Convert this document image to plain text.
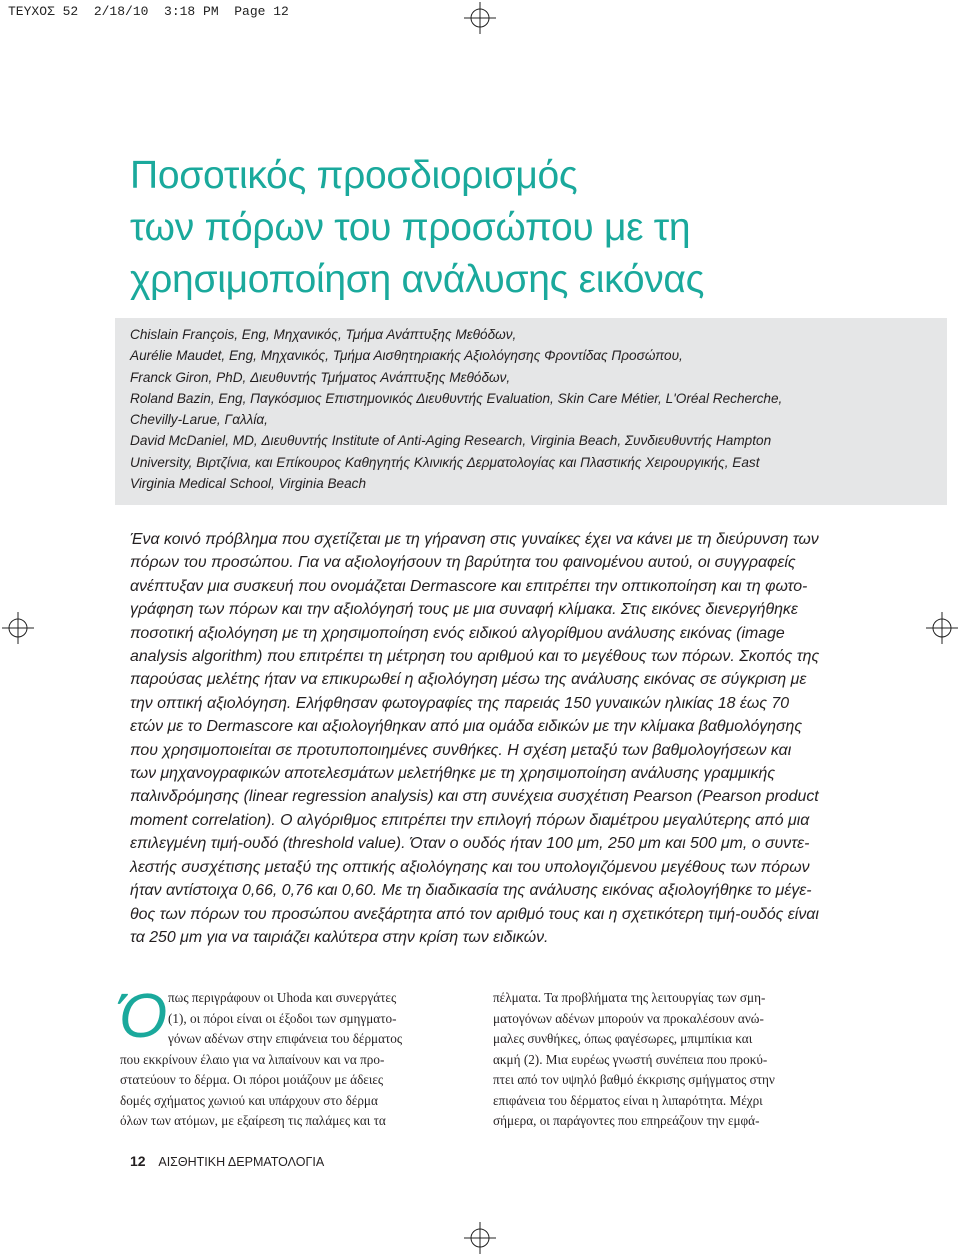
ΤΕΥΧΟΣ 52  2/18/10  3:18 PM  Page 12
Ποσοτικός προσδιορισμός
των πόρων του προσώπου με τη
χρησιμοποίηση ανάλυσης εικόνας
Chislain François, Eng, Μηχανικός, Τμήμα Ανάπτυξης Μεθόδων,
Aurélie Maudet, Eng, Μηχανικός, Τμήμα Αισθητηριακής Αξιολόγησης Φροντίδας Προσώπου,
Franck Giron, PhD, Διευθυντής Τμήματος Ανάπτυξης Μεθόδων,
Roland Bazin, Eng, Παγκόσμιος Επιστημονικός Διευθυντής Evaluation, Skin Care Métier, L'Oréal Recherche,
Chevilly-Larue, Γαλλία,
David McDaniel, MD, Διευθυντής Institute of Anti-Aging Research, Virginia Beach, Συνδιευθυντής Hampton
University, Βιρτζίνια, και Επίκουρος Καθηγητής Κλινικής Δερματολογίας και Πλαστικής Χειρουργικής, East
Virginia Medical School, Virginia Beach
Ένα κοινό πρόβλημα που σχετίζεται με τη γήρανση στις γυναίκες έχει να κάνει με τη διεύρυνση των
πόρων του προσώπου. Για να αξιολογήσουν τη βαρύτητα του φαινομένου αυτού, οι συγγραφείς
ανέπτυξαν μια συσκευή που ονομάζεται Dermascore και επιτρέπει την οπτικοποίηση και τη φωτο-
γράφηση των πόρων και την αξιολόγησή τους με μια συναφή κλίμακα. Στις εικόνες διενεργήθηκε
ποσοτική αξιολόγηση με τη χρησιμοποίηση ενός ειδικού αλγορίθμου ανάλυσης εικόνας (image
analysis algorithm) που επιτρέπει τη μέτρηση του αριθμού και το μεγέθους των πόρων. Σκοπός της
παρούσας μελέτης ήταν να επικυρωθεί η αξιολόγηση μέσω της ανάλυσης εικόνας σε σύγκριση με
την οπτική αξιολόγηση. Ελήφθησαν φωτογραφίες της παρειάς 150 γυναικών ηλικίας 18 έως 70
ετών με το Dermascore και αξιολογήθηκαν από μια ομάδα ειδικών με την κλίμακα βαθμολόγησης
που χρησιμοποιείται σε προτυποποιημένες συνθήκες. Η σχέση μεταξύ των βαθμολογήσεων και
των μηχανογραφικών αποτελεσμάτων μελετήθηκε με τη χρησιμοποίηση ανάλυσης γραμμικής
παλινδρόμησης (linear regression analysis) και στη συνέχεια συσχέτιση Pearson (Pearson product
moment correlation). Ο αλγόριθμος επιτρέπει την επιλογή πόρων διαμέτρου μεγαλύτερης από μια
επιλεγμένη τιμή-ουδό (threshold value). Όταν ο ουδός ήταν 100 μm, 250 μm και 500 μm, ο συντε-
λεστής συσχέτισης μεταξύ της οπτικής αξιολόγησης και του υπολογιζόμενου μεγέθους των πόρων
ήταν αντίστοιχα 0,66, 0,76 και 0,60. Με τη διαδικασία της ανάλυσης εικόνας αξιολογήθηκε το μέγε-
θος των πόρων του προσώπου ανεξάρτητα από τον αριθμό τους και η σχετικότερη τιμή-ουδός είναι
τα 250 μm για να ταιριάζει καλύτερα στην κρίση των ειδικών.
Ό πως περιγράφουν οι Uhoda και συνεργάτες
(1), οι πόροι είναι οι έξοδοι των σμηγματο-
γόνων αδένων στην επιφάνεια του δέρματος
που εκκρίνουν έλαιο για να λιπαίνουν και να προ-
στατεύουν το δέρμα. Οι πόροι μοιάζουν με άδειες
δομές σχήματος χωνιού και υπάρχουν στο δέρμα
όλων των ατόμων, με εξαίρεση τις παλάμες και τα
πέλματα. Τα προβλήματα της λειτουργίας των σμη-
ματογόνων αδένων μπορούν να προκαλέσουν ανώ-
μαλες συνθήκες, όπως φαγέσωρες, μπιμπίκια και
ακμή (2). Μια ευρέως γνωστή συνέπεια που προκύ-
πτει από τον υψηλό βαθμό έκκρισης σμήγματος στην
επιφάνεια του δέρματος είναι η λιπαρότητα. Μέχρι
σήμερα, οι παράγοντες που επηρεάζουν την εμφά-
12 ΑΙΣΘΗΤΙΚΗ ΔΕΡΜΑΤΟΛΟΓΙΑ
